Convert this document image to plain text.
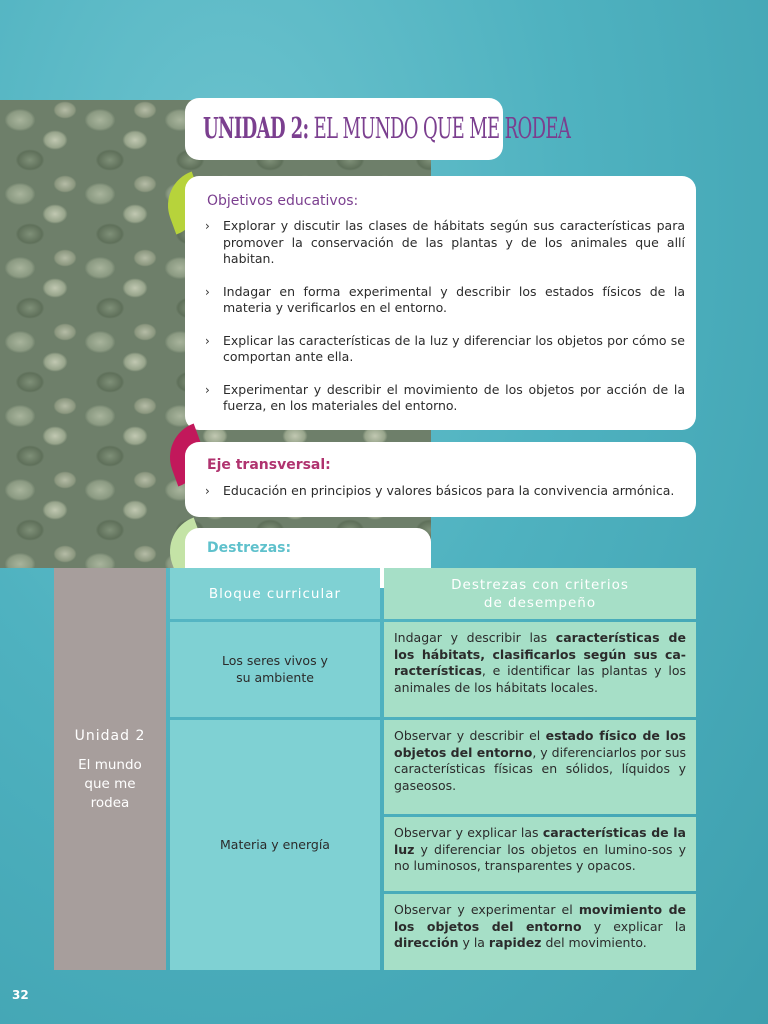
UNIDAD 2: EL MUNDO QUE ME RODEA
Objetivos educativos:
› Explorar y discutir las clases de hábitats según sus características para promover la conservación de las plantas y de los animales que allí habitan.
› Indagar en forma experimental y describir los estados físicos de la materia y verificarlos en el entorno.
› Explicar las características de la luz y diferenciar los objetos por cómo se comportan ante ella.
› Experimentar y describir el movimiento de los objetos por acción de la fuerza, en los materiales del entorno.
Eje transversal:
› Educación en principios y valores básicos para la convivencia armónica.
Destrezas:
Unidad 2
El mundo que me rodea
Bloque curricular
Destrezas con criterios de desempeño
Los seres vivos y su ambiente
Materia y energía
Indagar y describir las características de los hábitats, clasificarlos según sus ca-racterísticas, e identificar las plantas y los animales de los hábitats locales.
Observar y describir el estado físico de los objetos del entorno, y diferenciarlos por sus características físicas en sólidos, líquidos y gaseosos.
Observar y explicar las características de la luz y diferenciar los objetos en lumino-sos y no luminosos, transparentes y opacos.
Observar y experimentar el movimiento de los objetos del entorno y explicar la dirección y la rapidez del movimiento.
32
